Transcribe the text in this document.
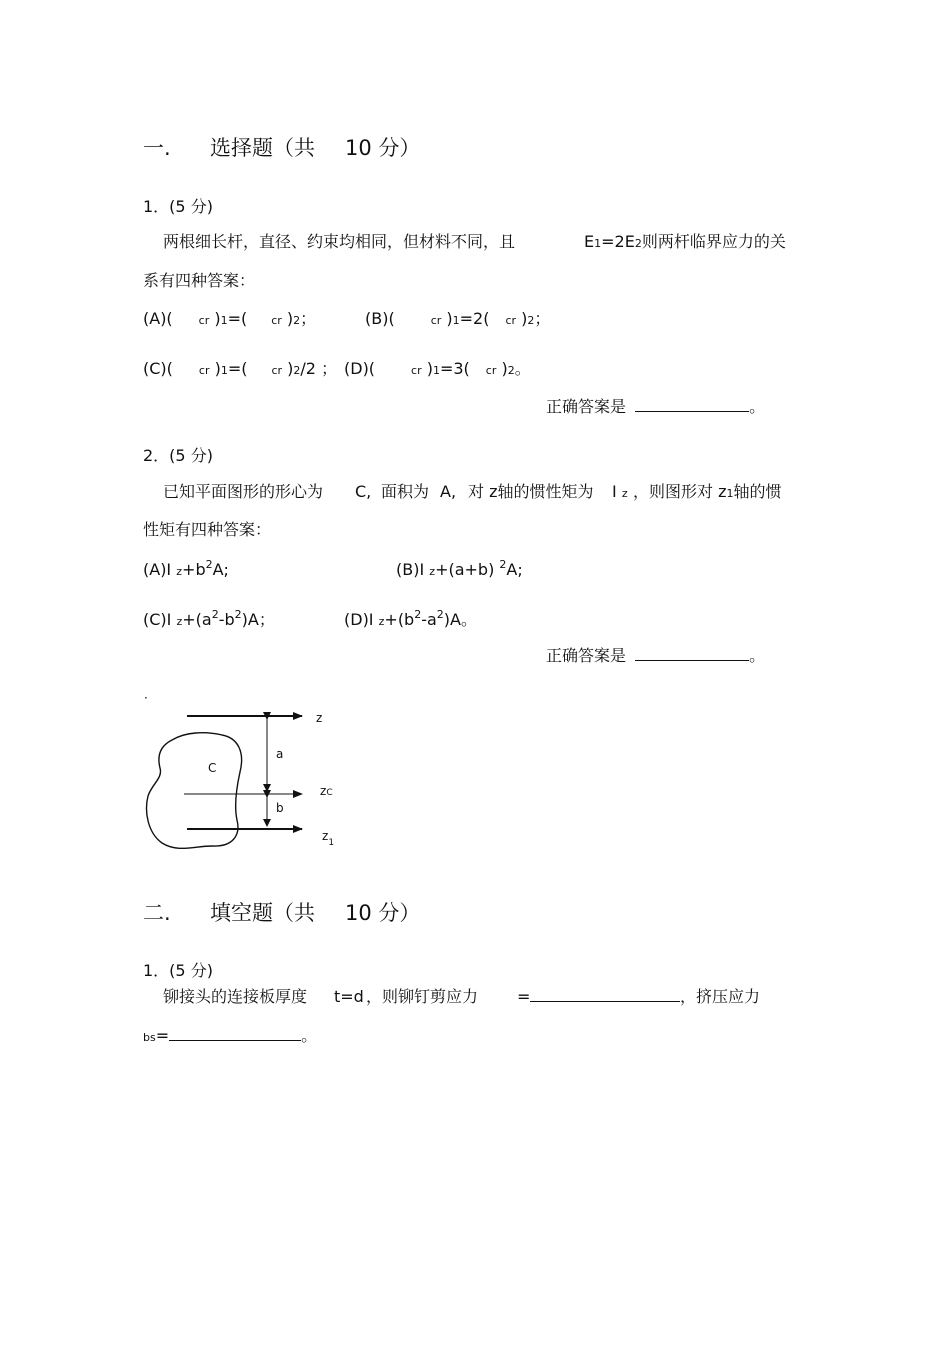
一. 选择题（共 10 分）
1．(5 分)
两根细长杆，直径、约束均相同，但材料不同，且	E1=2E2则两杆临界应力的关
系有四种答案：
(A)( cr )1=( cr )2；	(B)(	cr )1=2( cr )2；
(C)( cr )1=( cr )2/2 ； (D)(	cr )1=3( cr )2。
正确答案是	。
2．(5 分)
已知平面图形的形心为 C, 面积为 A, 对 z轴的惯性矩为 I z ，则图形对 z1轴的惯
性矩有四种答案：
(A)I $z+b^2A$;	(B)I z+(a+b) $^2$A;
(C)I $z+(a^2-b^2)A$；	(D)I $z+(b^2-a^2)A$。
正确答案是	。
·
z
a
C
zC
b
$z_1$
二. 填空题（共 10 分）
1．(5 分)
铆接头的连接板厚度 t=d ，则铆钉剪应力 =	，挤压应力
bs=	。
